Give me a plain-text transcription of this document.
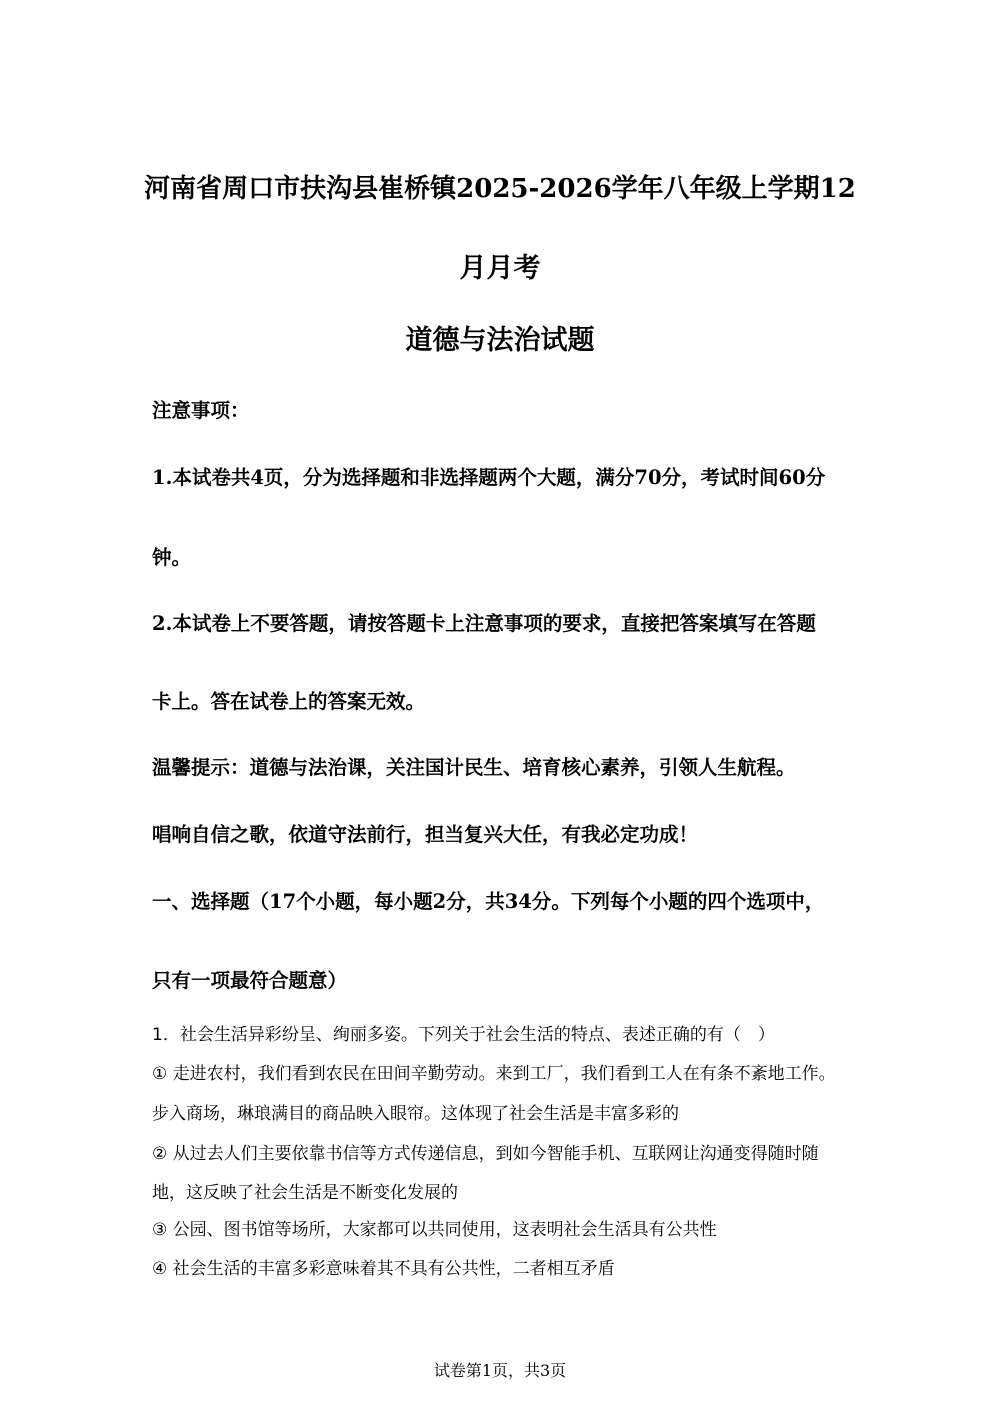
河南省周口市扶沟县崔桥镇2025-2026学年八年级上学期12
月月考
道德与法治试题
注意事项：
1.本试卷共4页，分为选择题和非选择题两个大题，满分70分，考试时间60分
钟。
2.本试卷上不要答题，请按答题卡上注意事项的要求，直接把答案填写在答题
卡上。答在试卷上的答案无效。
温馨提示：道德与法治课，关注国计民生、培育核心素养，引领人生航程。
唱响自信之歌，依道守法前行，担当复兴大任，有我必定功成！
一、选择题（17个小题，每小题2分，共34分。下列每个小题的四个选项中，
只有一项最符合题意）
1．社会生活异彩纷呈、绚丽多姿。下列关于社会生活的特点、表述正确的有（　）
① 走进农村，我们看到农民在田间辛勤劳动。来到工厂，我们看到工人在有条不紊地工作。
步入商场，琳琅满目的商品映入眼帘。这体现了社会生活是丰富多彩的
② 从过去人们主要依靠书信等方式传递信息，到如今智能手机、互联网让沟通变得随时随
地，这反映了社会生活是不断变化发展的
③ 公园、图书馆等场所，大家都可以共同使用，这表明社会生活具有公共性
④ 社会生活的丰富多彩意味着其不具有公共性，二者相互矛盾
试卷第1页，共3页
